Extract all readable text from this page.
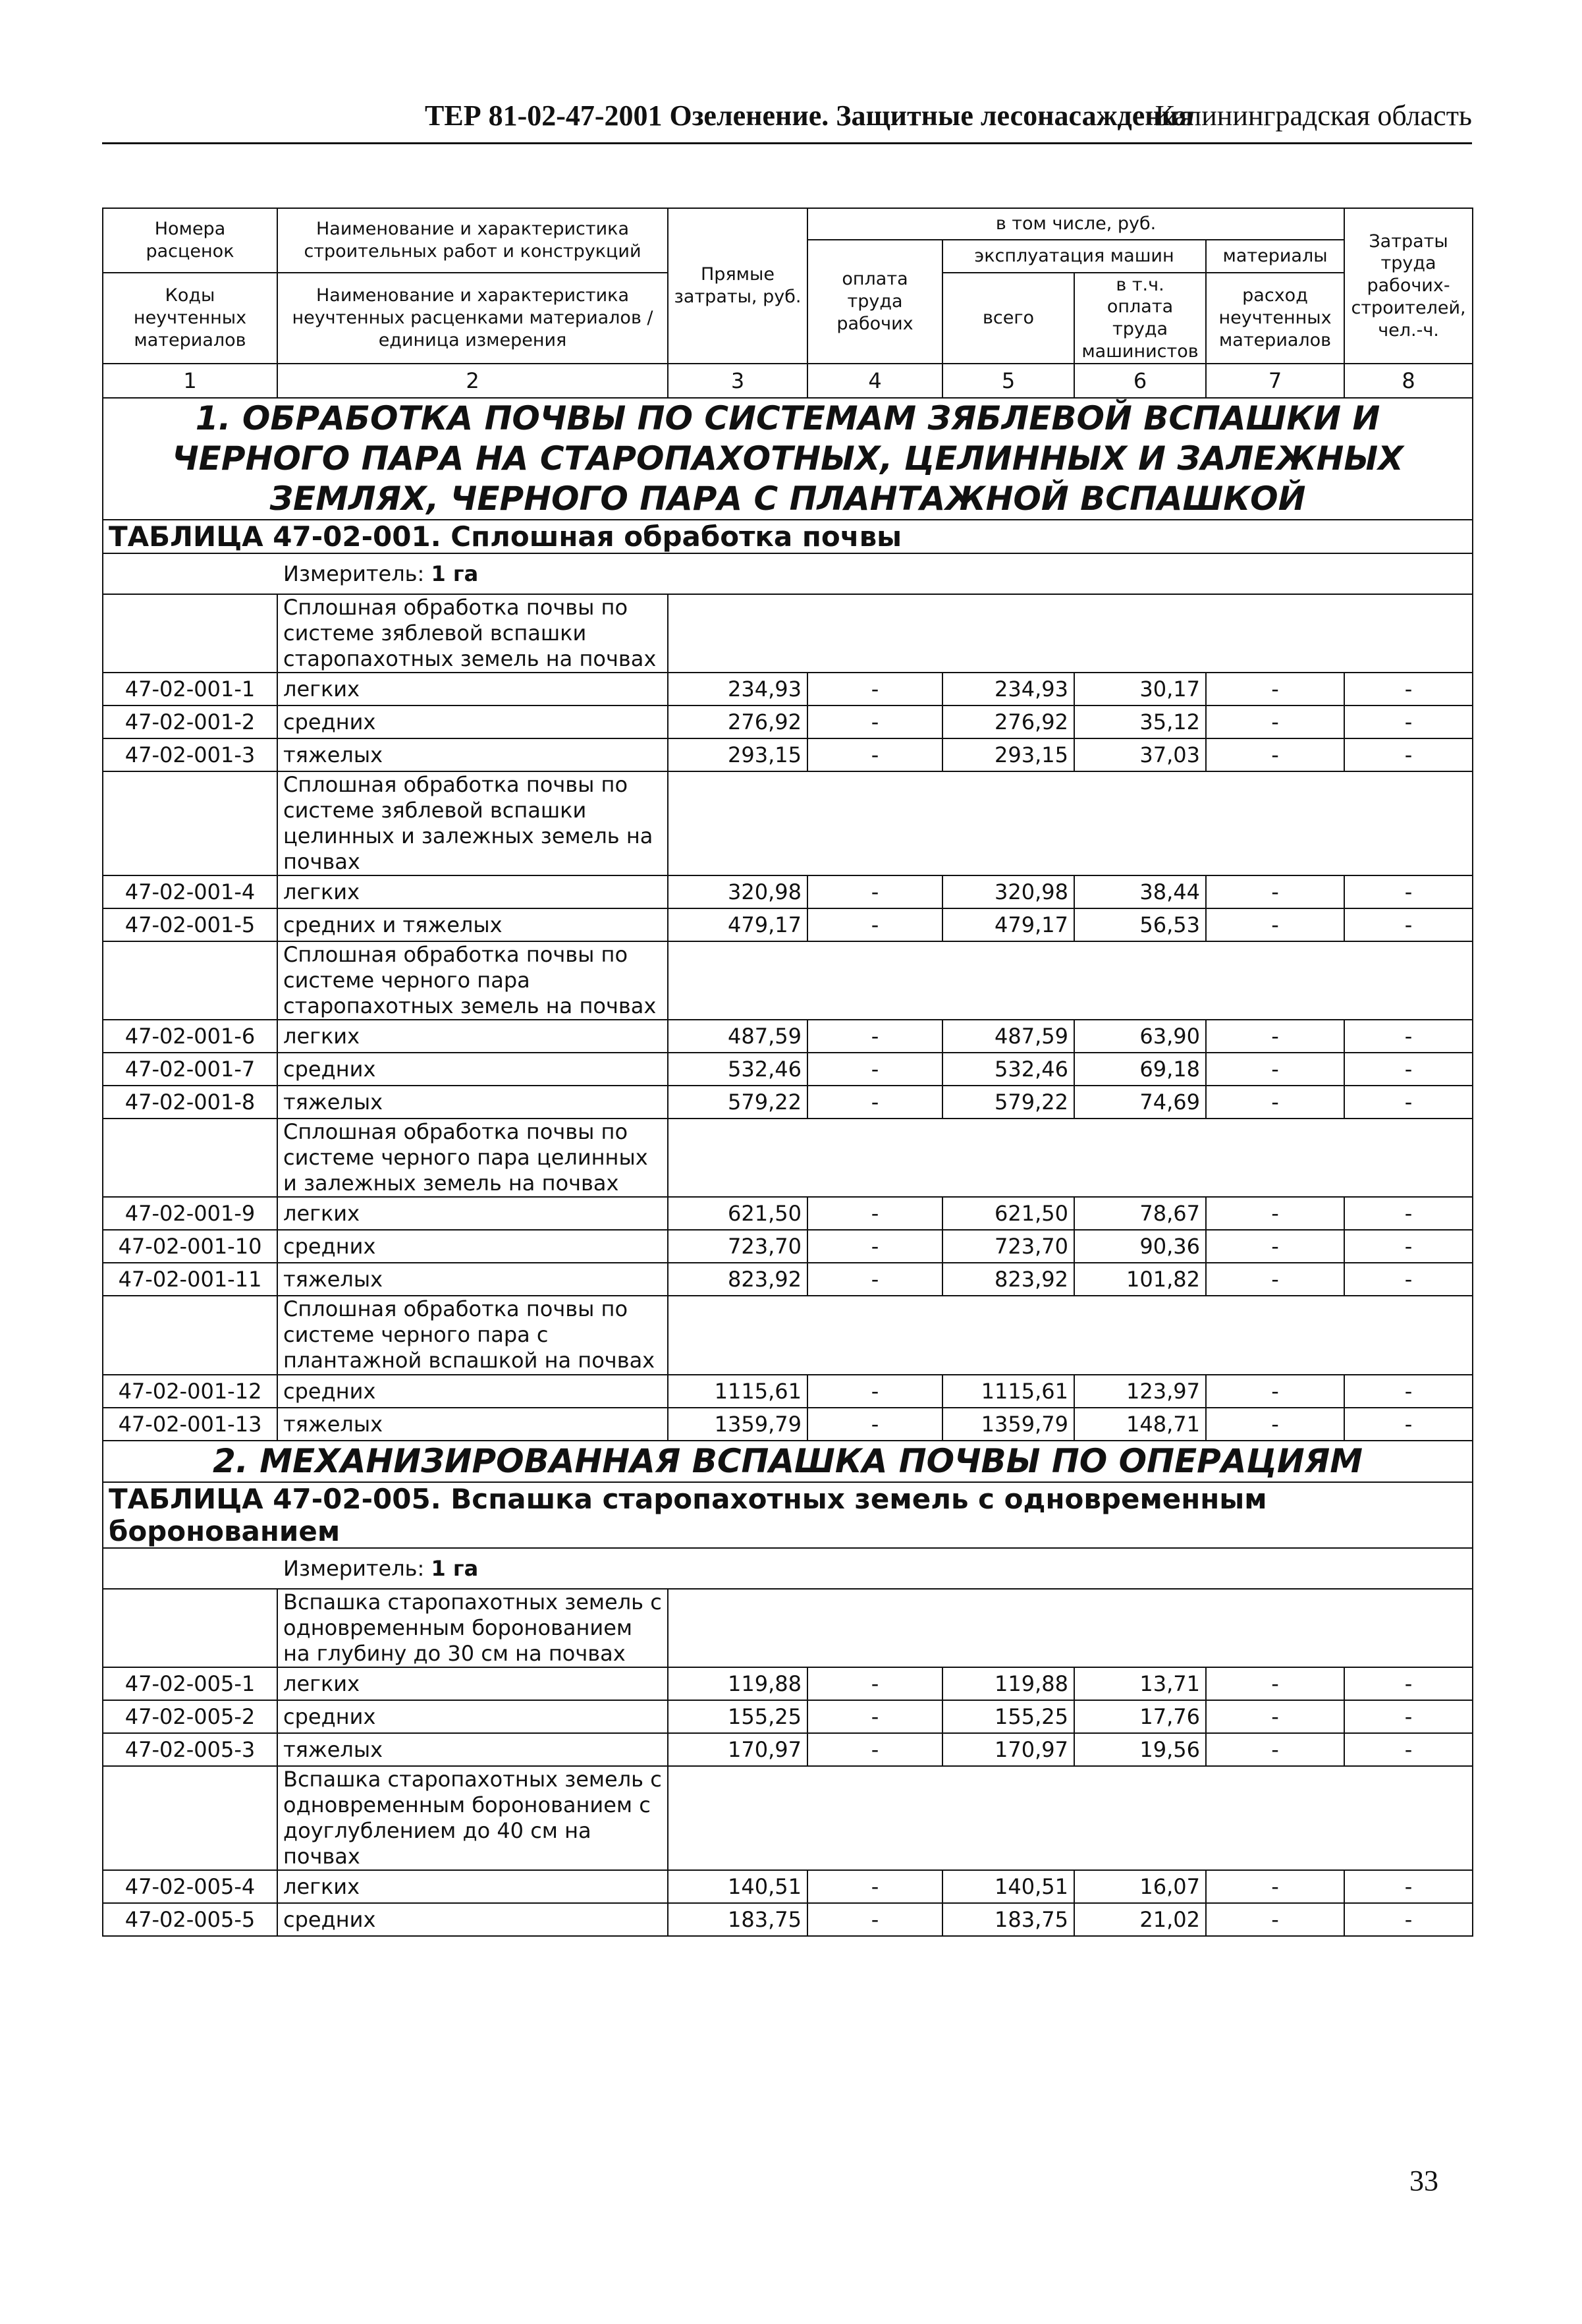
ТЕР 81-02-47-2001 Озеленение. Защитные лесонасаждения
Калининградская область
Номера расценок	Наименование и характеристика строительных работ и конструкций	Прямые затраты, руб.	в том числе, руб.				Затраты труда рабочих-строителей, чел.-ч.
			оплата труда рабочих	эксплуатация машин		материалы	
Коды неучтенных материалов	Наименование и характеристика неучтенных расценками материалов / единица измерения			всего	в т.ч. оплата труда машинистов	расход неучтенных материалов	

1	2	3	4	5	6	7	8
1. ОБРАБОТКА ПОЧВЫ ПО СИСТЕМАМ ЗЯБЛЕВОЙ ВСПАШКИ И ЧЕРНОГО ПАРА НА СТАРОПАХОТНЫХ, ЦЕЛИННЫХ И ЗАЛЕЖНЫХ ЗЕМЛЯХ, ЧЕРНОГО ПАРА С ПЛАНТАЖНОЙ ВСПАШКОЙ							
ТАБЛИЦА 47-02-001. Сплошная обработка почвы							

Измеритель: 1 га							

	Сплошная обработка почвы по системе зяблевой вспашки старопахотных земель на почвах						
47-02-001-1	легких	234,93	-	234,93	30,17	-	-
47-02-001-2	средних	276,92	-	276,92	35,12	-	-
47-02-001-3	тяжелых	293,15	-	293,15	37,03	-	-
	Сплошная обработка почвы по системе зяблевой вспашки целинных и залежных земель на почвах						
47-02-001-4	легких	320,98	-	320,98	38,44	-	-
47-02-001-5	средних и тяжелых	479,17	-	479,17	56,53	-	-
	Сплошная обработка почвы по системе черного пара старопахотных земель на почвах						
47-02-001-6	легких	487,59	-	487,59	63,90	-	-
47-02-001-7	средних	532,46	-	532,46	69,18	-	-
47-02-001-8	тяжелых	579,22	-	579,22	74,69	-	-
	Сплошная обработка почвы по системе черного пара целинных и залежных земель на почвах						
47-02-001-9	легких	621,50	-	621,50	78,67	-	-
47-02-001-10	средних	723,70	-	723,70	90,36	-	-
47-02-001-11	тяжелых	823,92	-	823,92	101,82	-	-
	Сплошная обработка почвы по системе черного пара с плантажной вспашкой на почвах						
47-02-001-12	средних	1115,61	-	1115,61	123,97	-	-
47-02-001-13	тяжелых	1359,79	-	1359,79	148,71	-	-
2. МЕХАНИЗИРОВАННАЯ ВСПАШКА ПОЧВЫ ПО ОПЕРАЦИЯМ							
ТАБЛИЦА 47-02-005. Вспашка старопахотных земель с одновременным боронованием							

Измеритель: 1 га							

	Вспашка старопахотных земель с одновременным боронованием на глубину до 30 см на почвах						
47-02-005-1	легких	119,88	-	119,88	13,71	-	-
47-02-005-2	средних	155,25	-	155,25	17,76	-	-
47-02-005-3	тяжелых	170,97	-	170,97	19,56	-	-
	Вспашка старопахотных земель с одновременным боронованием с доуглублением до 40 см на почвах						
47-02-005-4	легких	140,51	-	140,51	16,07	-	-
47-02-005-5	средних	183,75	-	183,75	21,02	-	-
33
